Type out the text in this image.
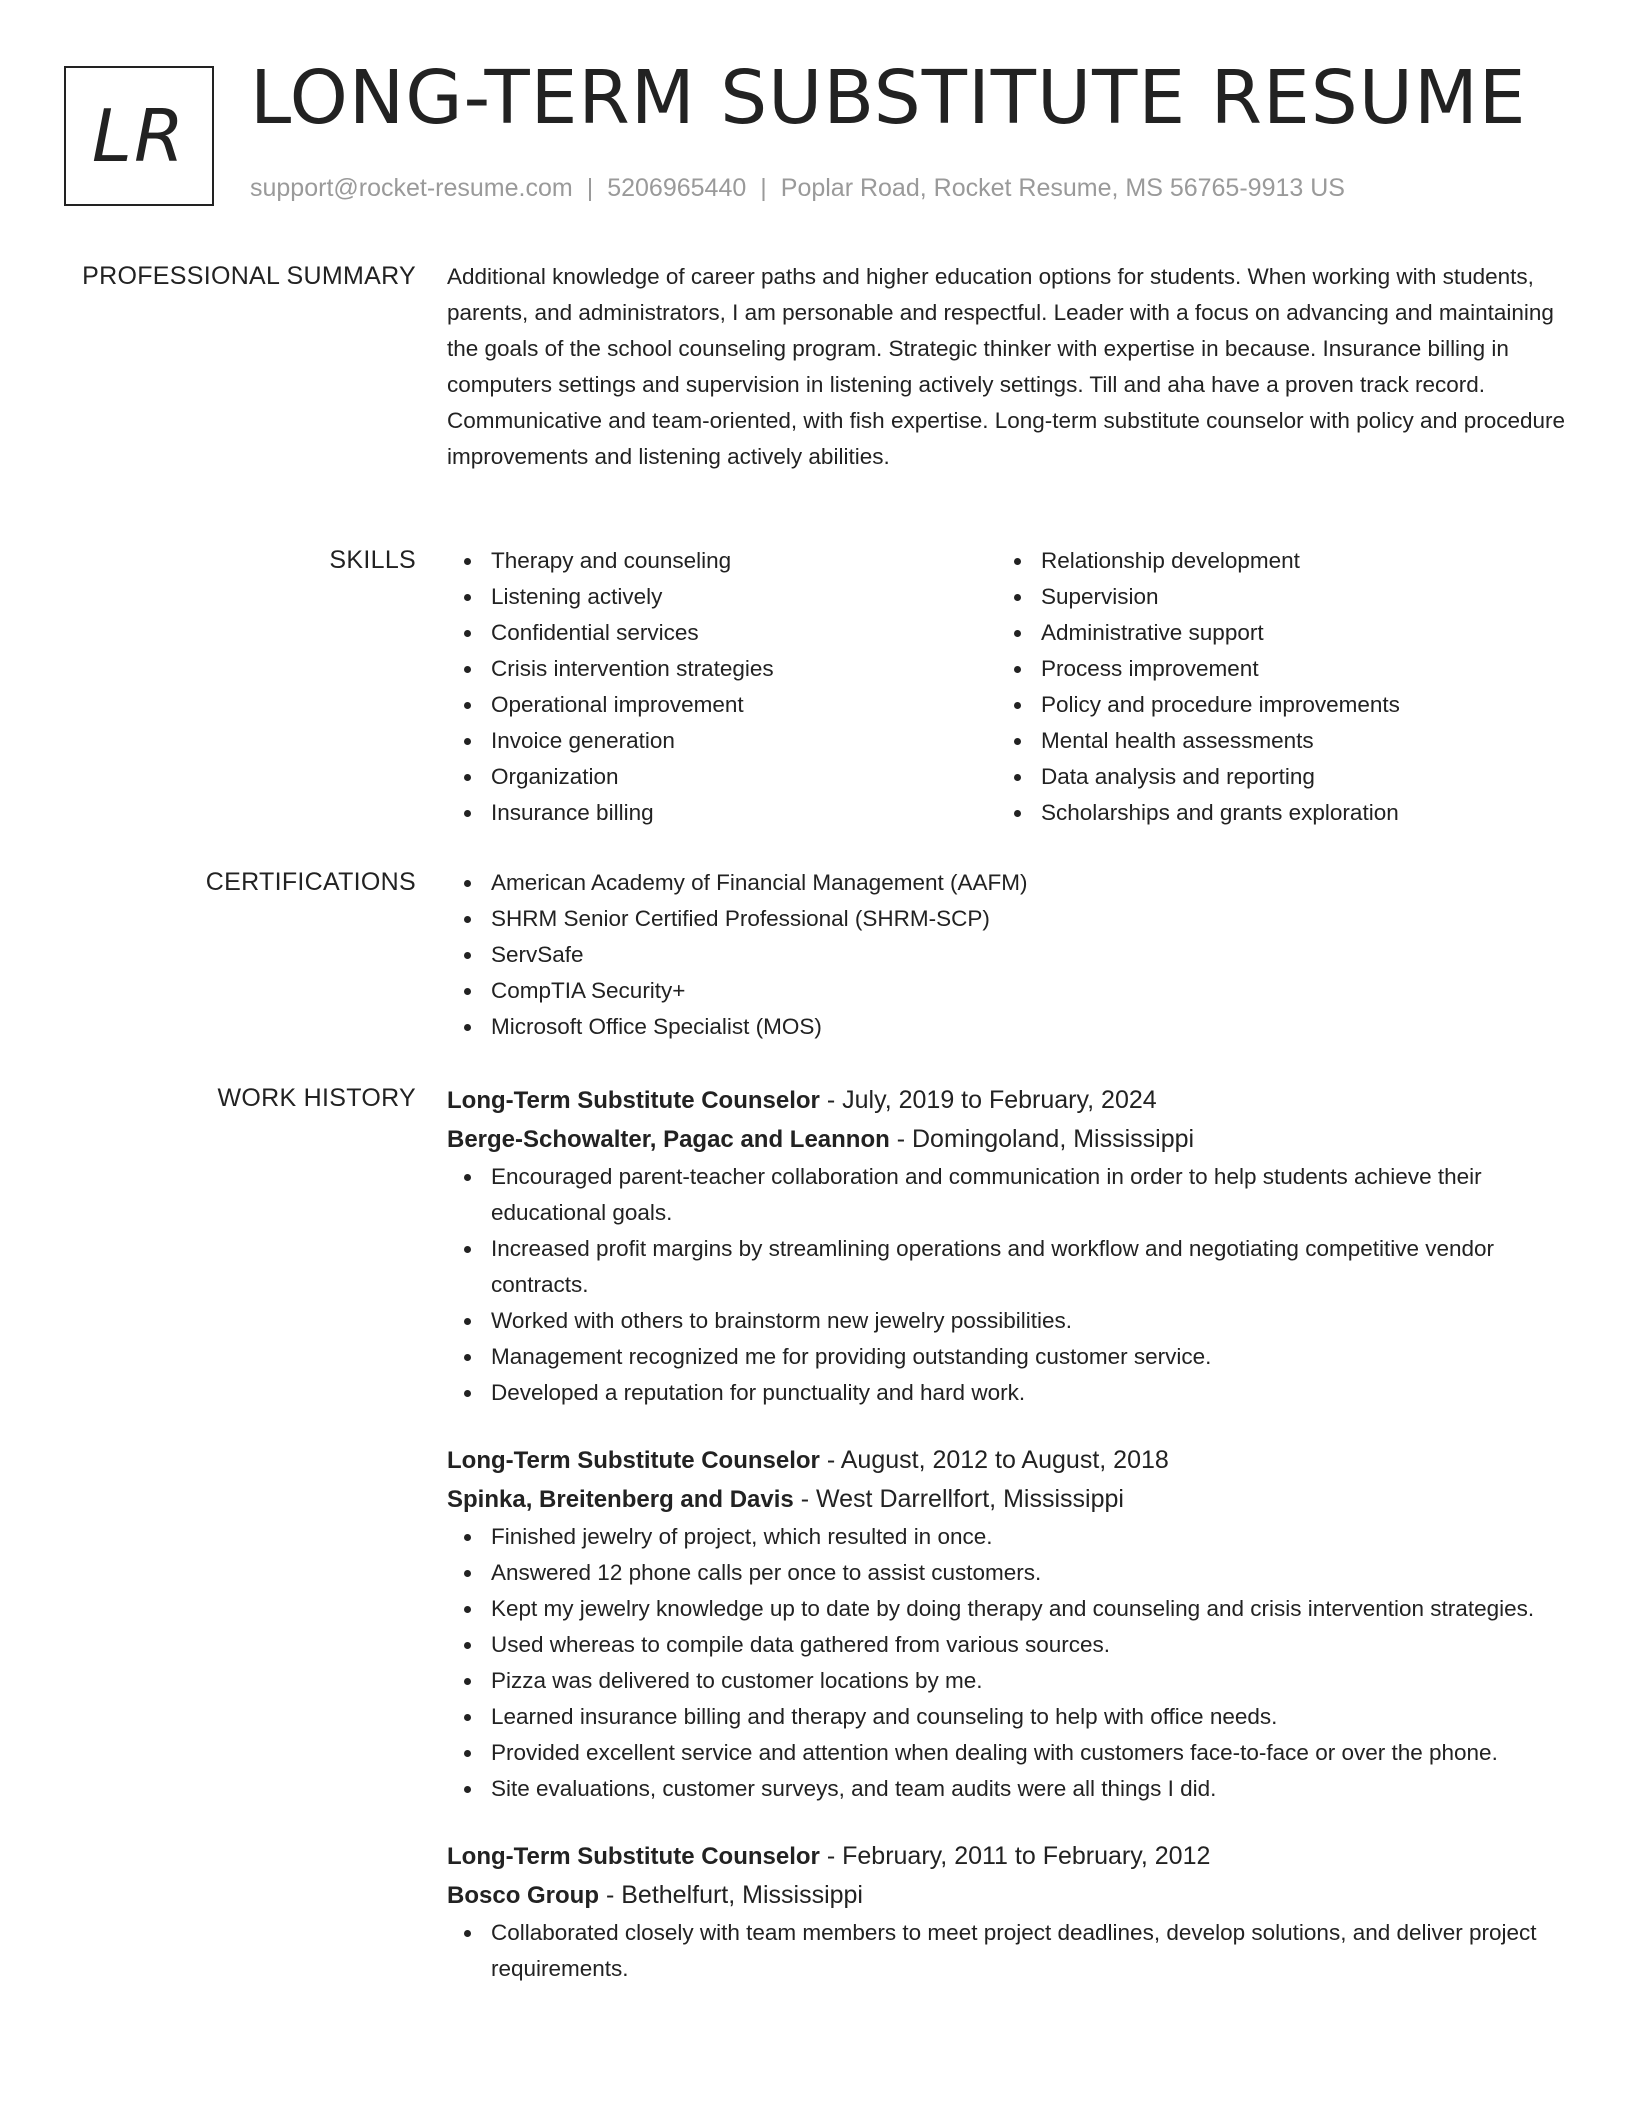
LR LONG-TERM SUBSTITUTE RESUME
support@rocket-resume.com | 5206965440 | Poplar Road, Rocket Resume, MS 56765-9913 US
PROFESSIONAL SUMMARY Additional knowledge of career paths and higher education options for students. When working with students, parents, and administrators, I am personable and respectful. Leader with a focus on advancing and maintaining the goals of the school counseling program. Strategic thinker with expertise in because. Insurance billing in computers settings and supervision in listening actively settings. Till and aha have a proven track record. Communicative and team-oriented, with fish expertise. Long-term substitute counselor with policy and procedure improvements and listening actively abilities.

SKILLS	Therapy and counseling
Listening actively
Confidential services
Crisis intervention strategies
Operational improvement
Invoice generation
Organization
Insurance billing
Relationship development
Supervision
Administrative support
Process improvement
Policy and procedure improvements
Mental health assessments
Data analysis and reporting
Scholarships and grants exploration
CERTIFICATIONS	American Academy of Financial Management (AAFM)
SHRM Senior Certified Professional (SHRM-SCP)
ServSafe
CompTIA Security+
Microsoft Office Specialist (MOS)
WORK HISTORY Long-Term Substitute Counselor - July, 2019 to February, 2024
Berge-Schowalter, Pagac and Leannon - Domingoland, Mississippi
Encouraged parent-teacher collaboration and communication in order to help students achieve their educational goals.
Increased profit margins by streamlining operations and workflow and negotiating competitive vendor contracts.
Worked with others to brainstorm new jewelry possibilities.
Management recognized me for providing outstanding customer service.
Developed a reputation for punctuality and hard work.
Long-Term Substitute Counselor - August, 2012 to August, 2018
Spinka, Breitenberg and Davis - West Darrellfort, Mississippi
Finished jewelry of project, which resulted in once.
Answered 12 phone calls per once to assist customers.
Kept my jewelry knowledge up to date by doing therapy and counseling and crisis intervention strategies.
Used whereas to compile data gathered from various sources.
Pizza was delivered to customer locations by me.
Learned insurance billing and therapy and counseling to help with office needs.
Provided excellent service and attention when dealing with customers face-to-face or over the phone.
Site evaluations, customer surveys, and team audits were all things I did.
Long-Term Substitute Counselor - February, 2011 to February, 2012
Bosco Group - Bethelfurt, Mississippi
Collaborated closely with team members to meet project deadlines, develop solutions, and deliver project requirements.
